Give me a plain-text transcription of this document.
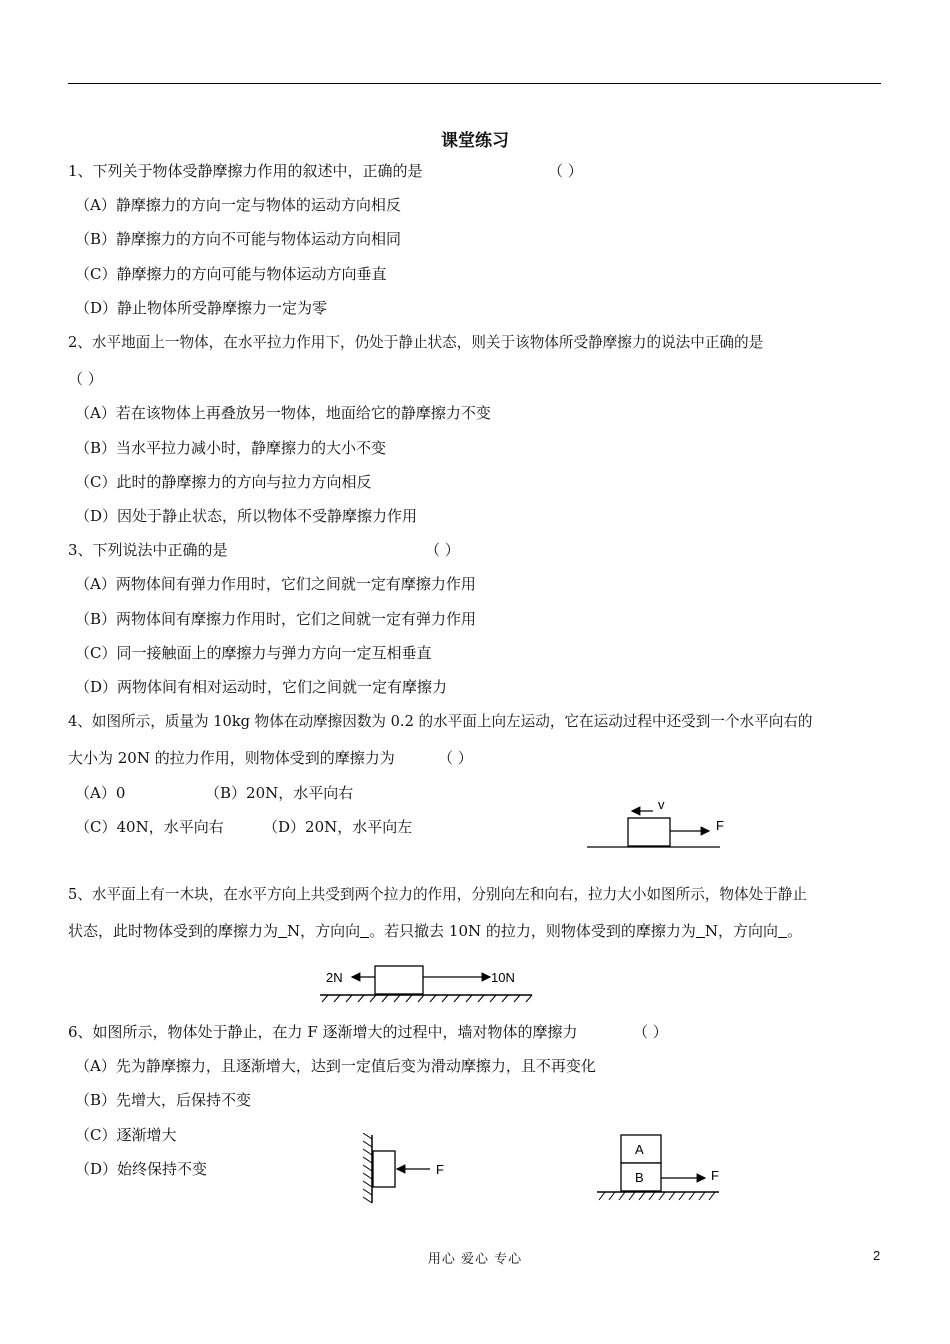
课堂练习
1、下列关于物体受静摩擦力作用的叙述中，正确的是	（ ）
（A）静摩擦力的方向一定与物体的运动方向相反
（B）静摩擦力的方向不可能与物体运动方向相同
（C）静摩擦力的方向可能与物体运动方向垂直
（D）静止物体所受静摩擦力一定为零
2、水平地面上一物体，在水平拉力作用下，仍处于静止状态，则关于该物体所受静摩擦力的说法中正确的是
（ ）
（A）若在该物体上再叠放另一物体，地面给它的静摩擦力不变
（B）当水平拉力减小时，静摩擦力的大小不变
（C）此时的静摩擦力的方向与拉力方向相反
（D）因处于静止状态，所以物体不受静摩擦力作用
3、下列说法中正确的是	（ ）
（A）两物体间有弹力作用时，它们之间就一定有摩擦力作用
（B）两物体间有摩擦力作用时，它们之间就一定有弹力作用
（C）同一接触面上的摩擦力与弹力方向一定互相垂直
（D）两物体间有相对运动时，它们之间就一定有摩擦力
4、如图所示，质量为 10kg 物体在动摩擦因数为 0.2 的水平面上向左运动，它在运动过程中还受到一个水平向右的
大小为 20N 的拉力作用，则物体受到的摩擦力为	（ ）
（A）0	（B）20N，水平向右
（C）40N，水平向右	（D）20N，水平向左
v
F
5、水平面上有一木块，在水平方向上共受到两个拉力的作用，分别向左和向右，拉力大小如图所示，物体处于静止
状态，此时物体受到的摩擦力为 N，方向向 。若只撤去 10N 的拉力，则物体受到的摩擦力为 N，方向向 。
2N	10N
6、如图所示，物体处于静止，在力 F 逐渐增大的过程中，墙对物体的摩擦力	（ ）
（A）先为静摩擦力，且逐渐增大，达到一定值后变为滑动摩擦力，且不再变化
（B）先增大，后保持不变
（C）逐渐增大
（D）始终保持不变	F
A
B	F
用心 爱心 专心	2
